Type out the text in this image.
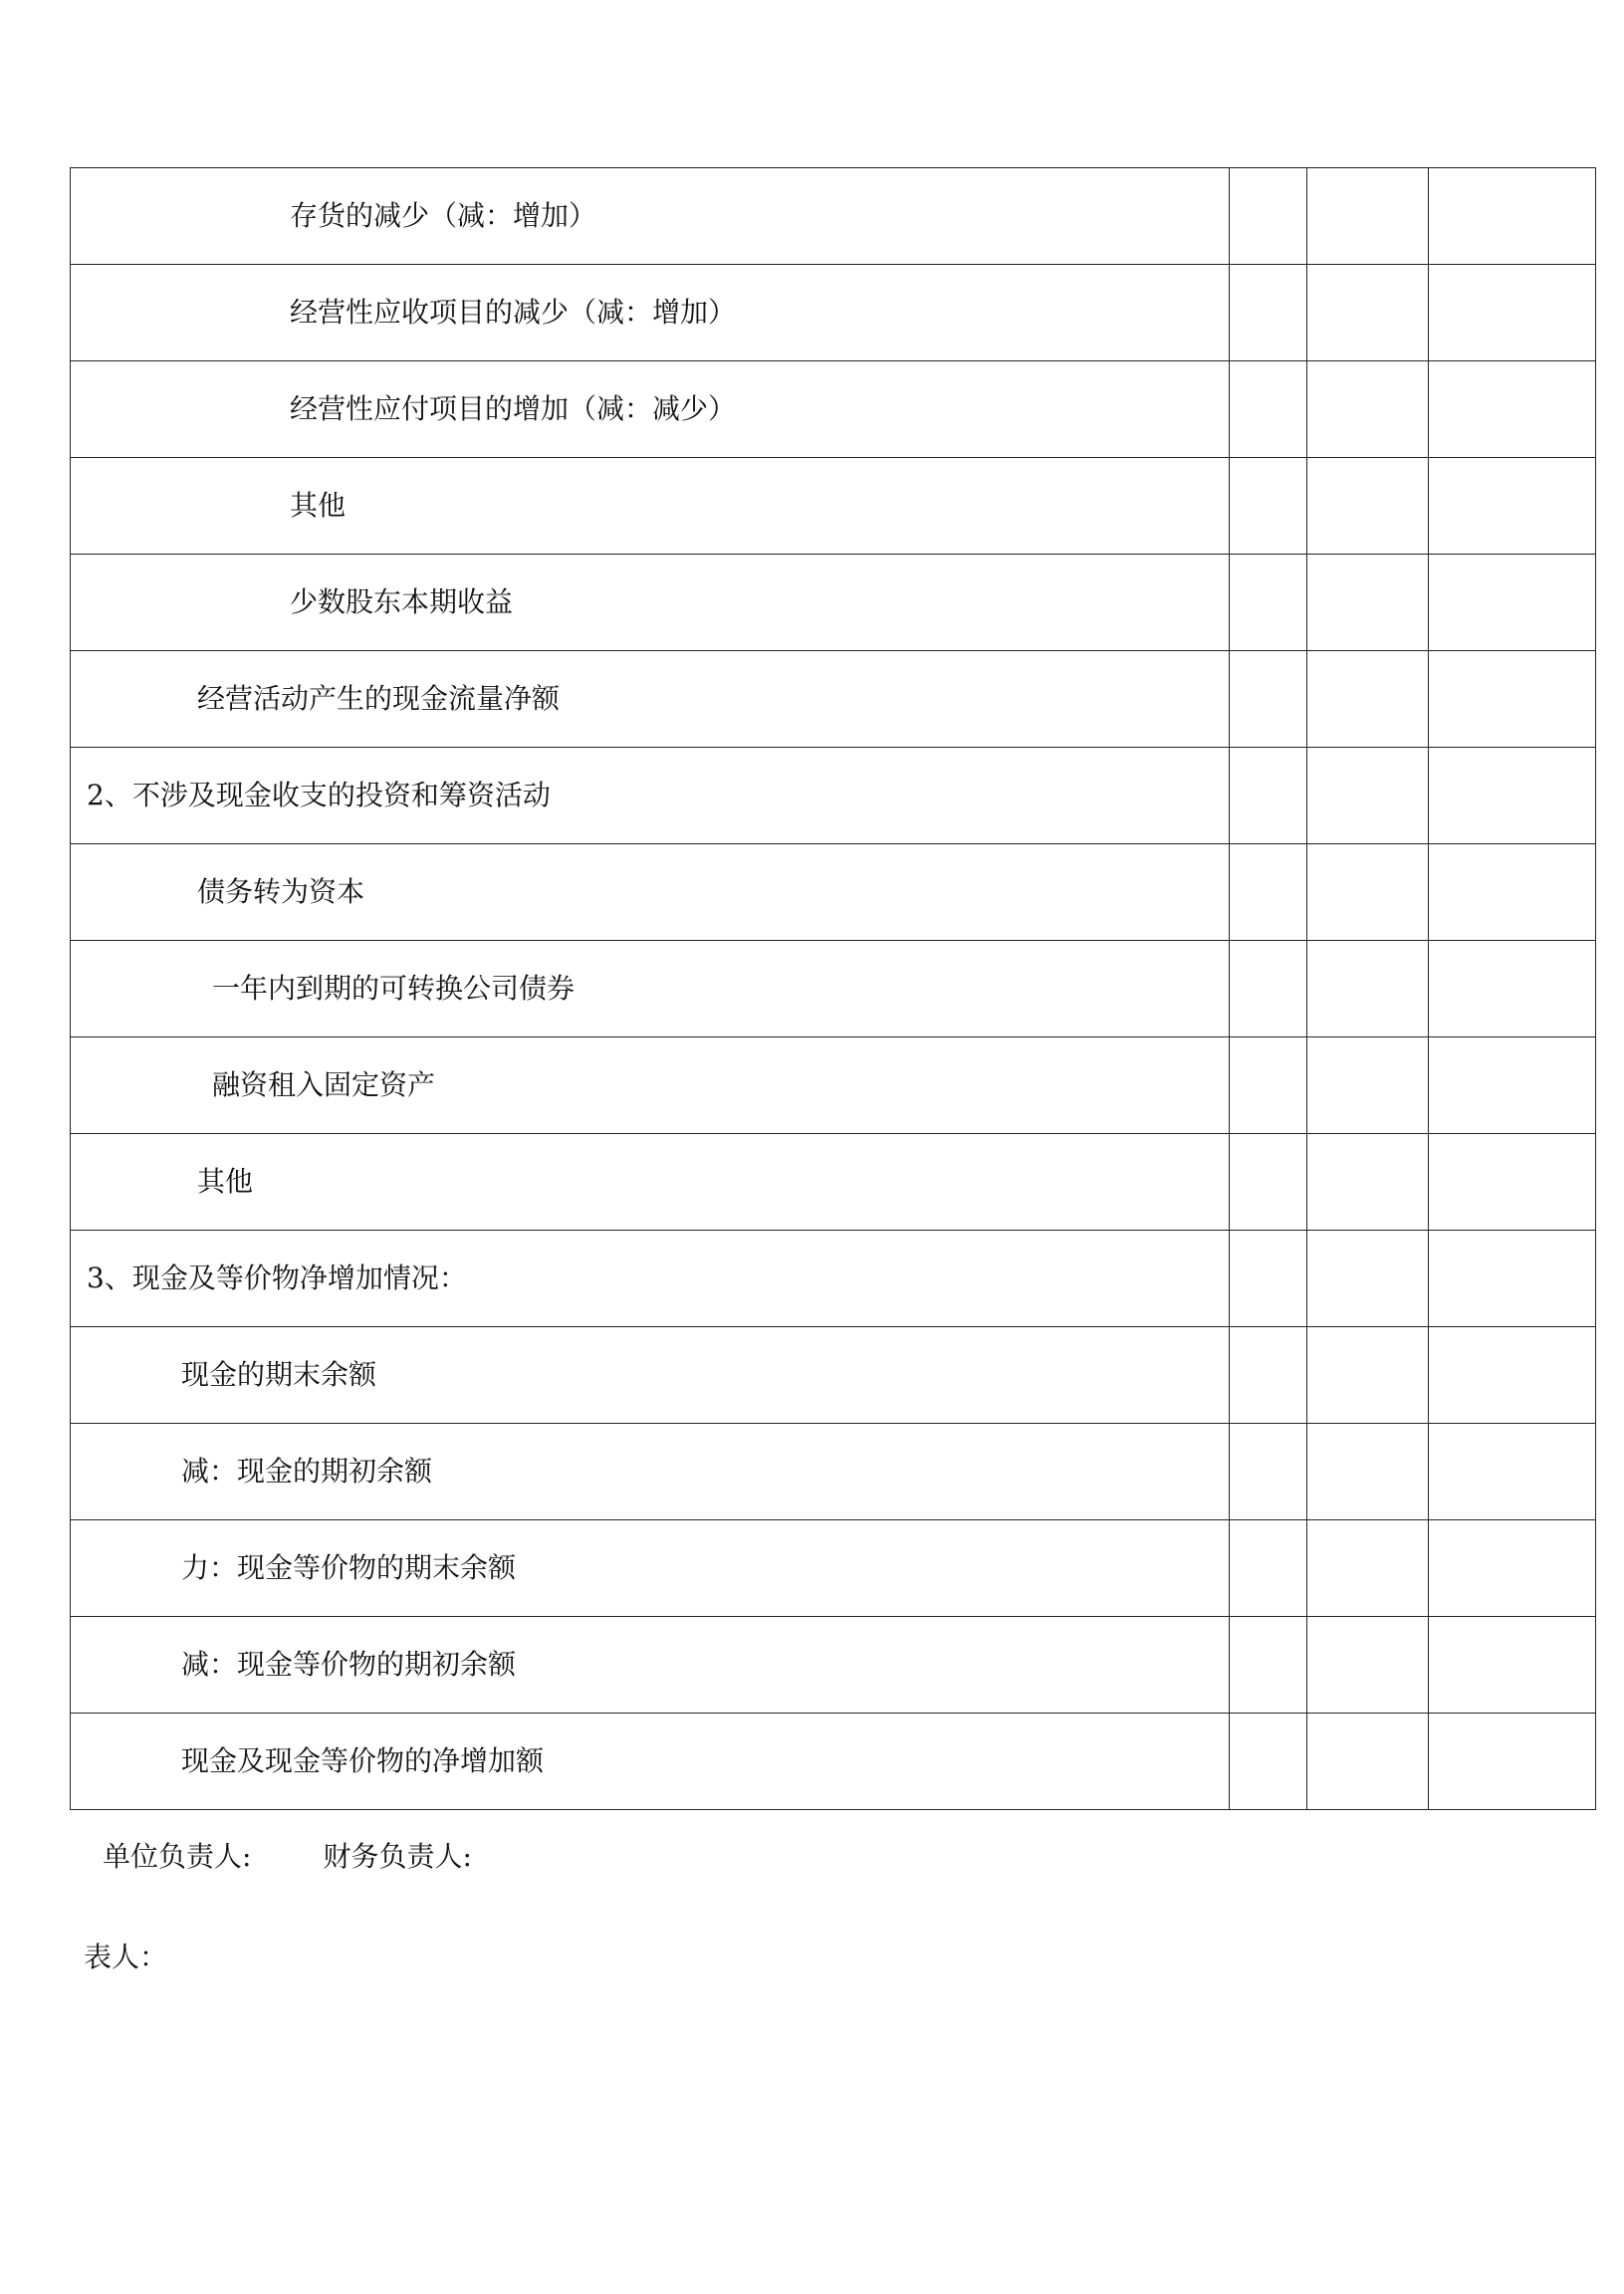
存货的减少（减：增加）			
经营性应收项目的减少（减：增加）			
经营性应付项目的增加（减：减少）			
其他			
少数股东本期收益			
经营活动产生的现金流量净额			
2、不涉及现金收支的投资和筹资活动			
债务转为资本			
一年内到期的可转换公司债券			
融资租入固定资产			
其他			
3、现金及等价物净增加情况：			
现金的期末余额			
减：现金的期初余额			
力：现金等价物的期末余额			
减：现金等价物的期初余额			
现金及现金等价物的净增加额			
单位负责人:	财务负责人:
表人：
